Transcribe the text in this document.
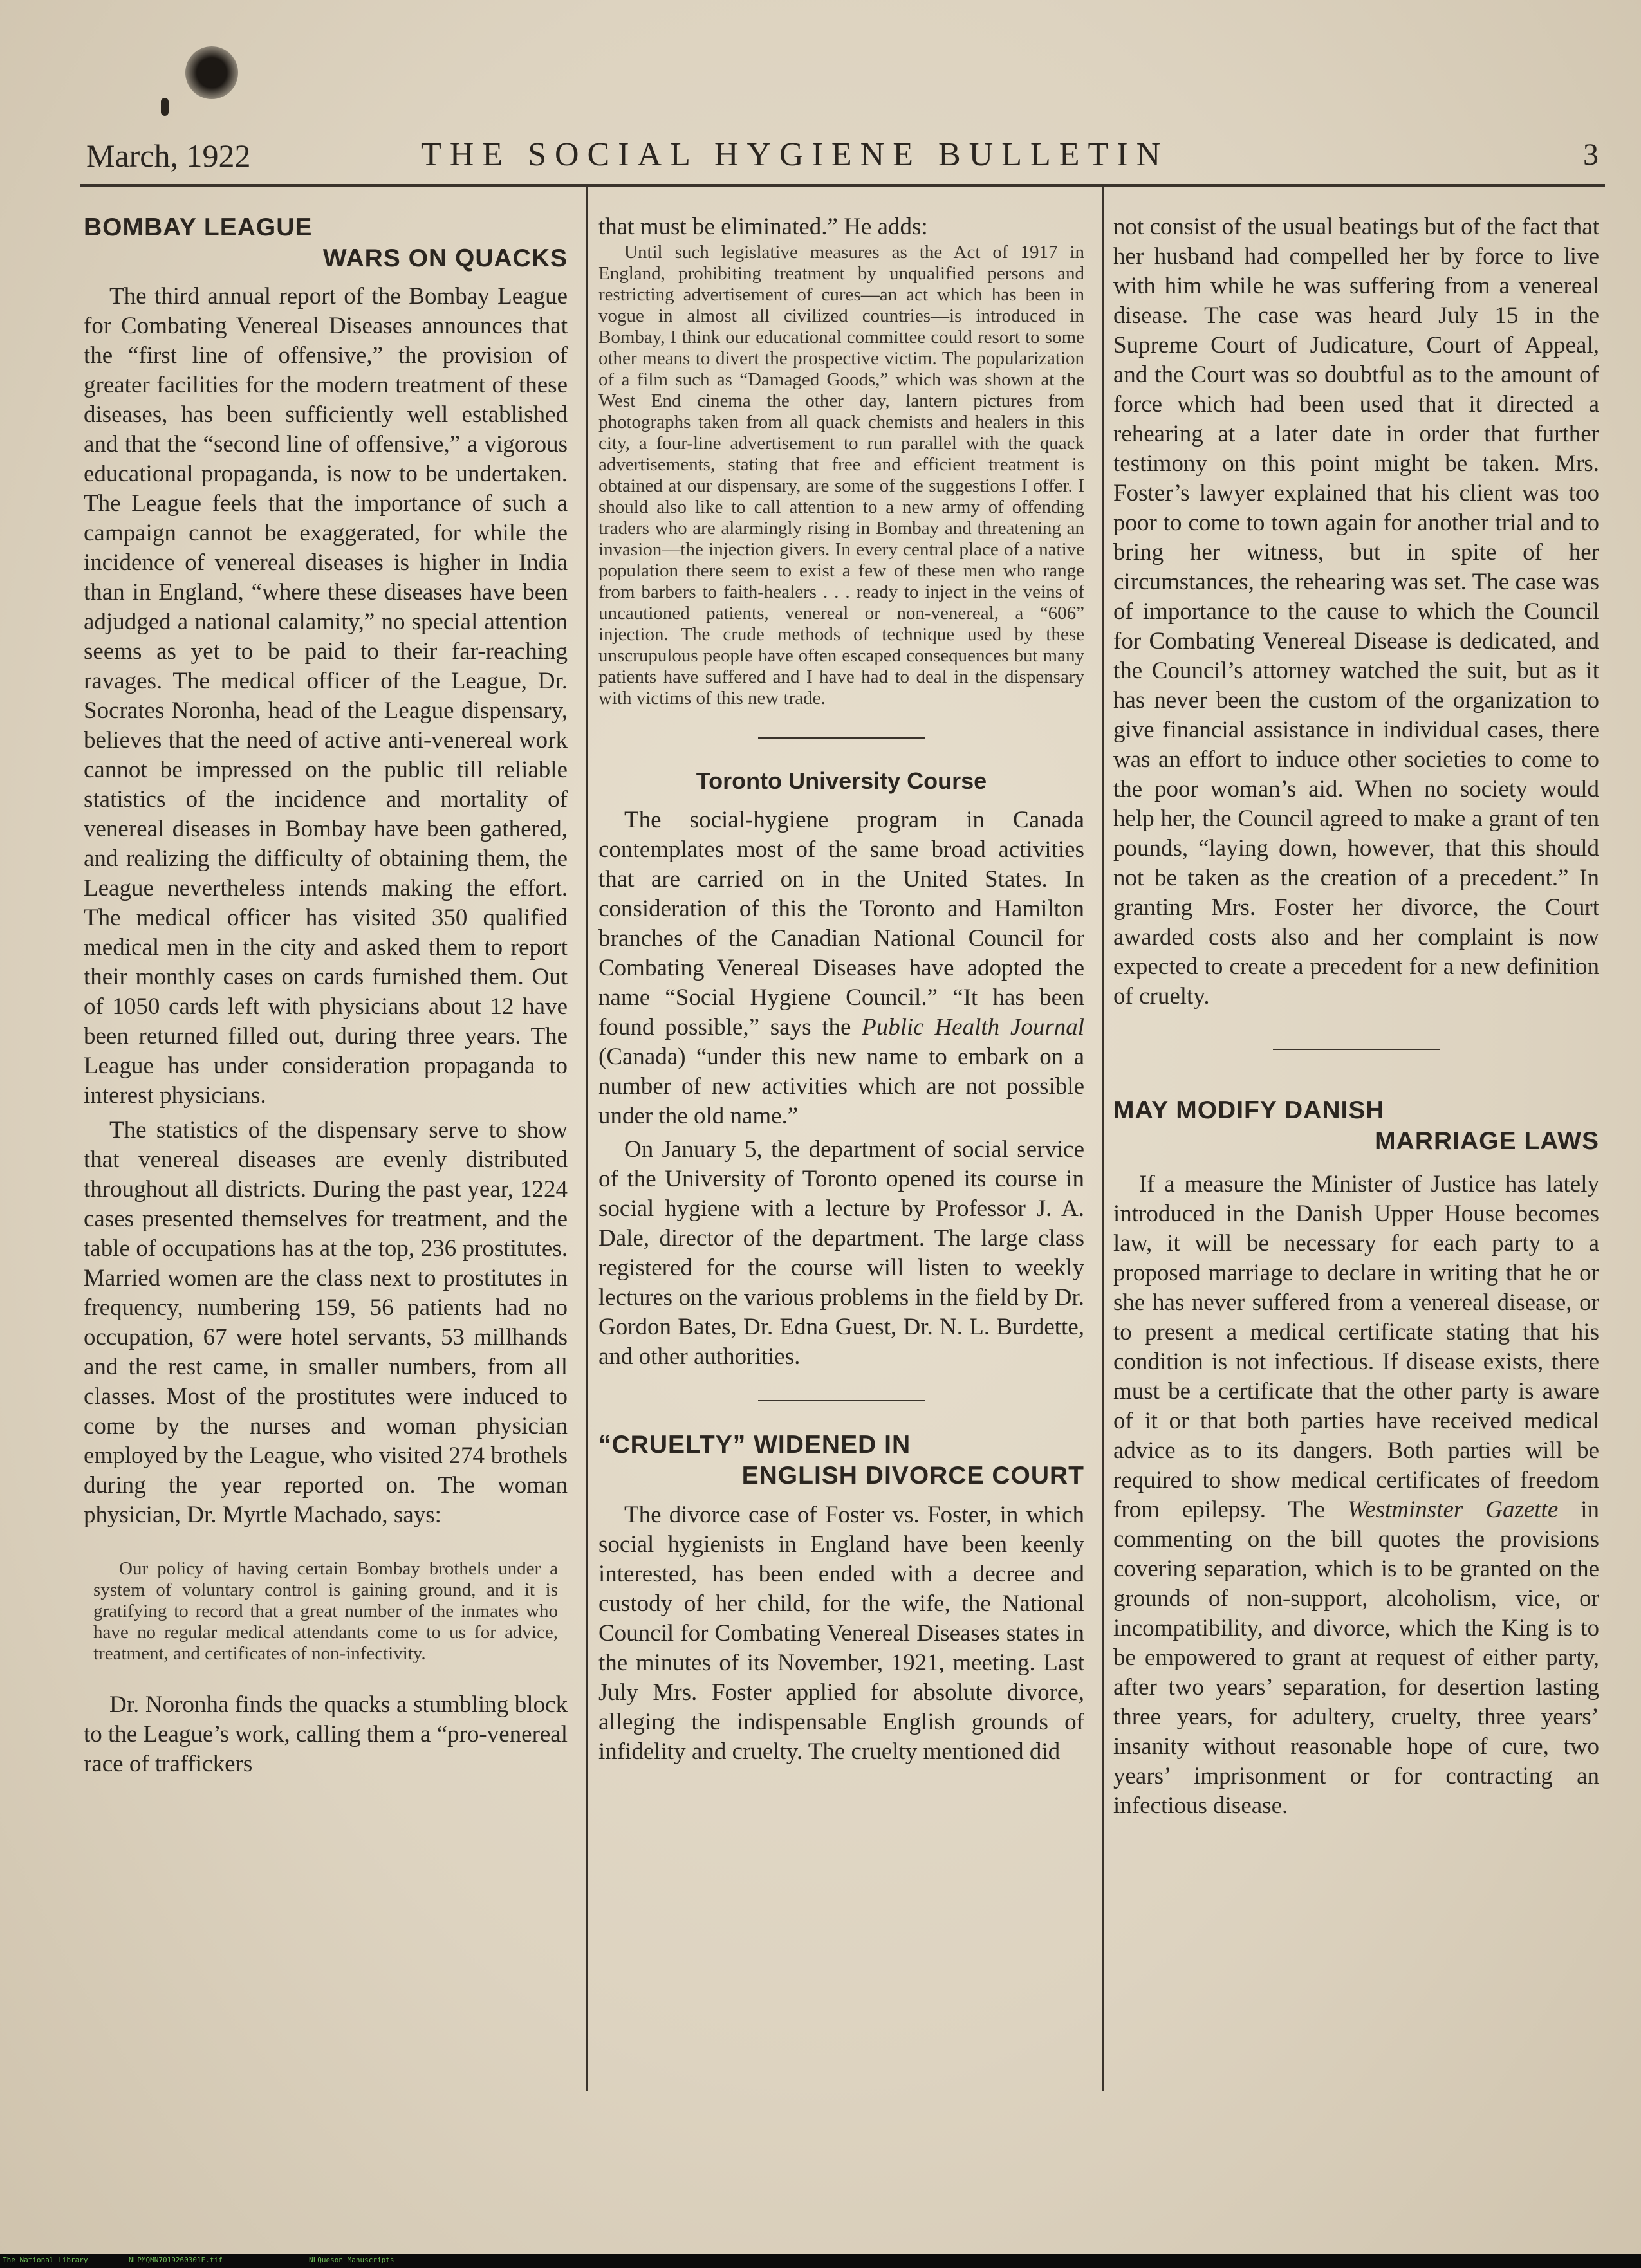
March, 1922	THE SOCIAL HYGIENE BULLETIN	3
BOMBAY LEAGUE
WARS ON QUACKS

The third annual report of the Bombay League for Combating Venereal Diseases announces that the “first line of offensive,” the provision of greater facilities for the modern treatment of these diseases, has been sufficiently well established and that the “second line of offensive,” a vigorous educational propaganda, is now to be undertaken. The League feels that the importance of such a campaign cannot be exaggerated, for while the incidence of venereal diseases is higher in India than in England, “where these diseases have been adjudged a national calamity,” no special attention seems as yet to be paid to their far-reaching ravages. The medical officer of the League, Dr. Socrates Noronha, head of the League dispensary, believes that the need of active anti-venereal work cannot be impressed on the public till reliable statistics of the incidence and mortality of venereal diseases in Bombay have been gathered, and realizing the difficulty of obtaining them, the League nevertheless intends making the effort. The medical officer has visited 350 qualified medical men in the city and asked them to report their monthly cases on cards furnished them. Out of 1050 cards left with physicians about 12 have been returned filled out, during three years. The League has under consideration propaganda to interest physicians.

The statistics of the dispensary serve to show that venereal diseases are evenly distributed throughout all districts. During the past year, 1224 cases presented themselves for treatment, and the table of occupations has at the top, 236 prostitutes. Married women are the class next to prostitutes in frequency, numbering 159, 56 patients had no occupation, 67 were hotel servants, 53 millhands and the rest came, in smaller numbers, from all classes. Most of the prostitutes were induced to come by the nurses and woman physician employed by the League, who visited 274 brothels during the year reported on. The woman physician, Dr. Myrtle Machado, says:

Our policy of having certain Bombay brothels under a system of voluntary control is gaining ground, and it is gratifying to record that a great number of the inmates who have no regular medical attendants come to us for advice, treatment, and certificates of non-infectivity.

Dr. Noronha finds the quacks a stumbling block to the League’s work, calling them a “pro-venereal race of traffickers

that must be eliminated.” He adds:

Until such legislative measures as the Act of 1917 in England, prohibiting treatment by unqualified persons and restricting advertisement of cures—an act which has been in vogue in almost all civilized countries—is introduced in Bombay, I think our educational committee could resort to some other means to divert the prospective victim. The popularization of a film such as “Damaged Goods,” which was shown at the West End cinema the other day, lantern pictures from photographs taken from all quack chemists and healers in this city, a four-line advertisement to run parallel with the quack advertisements, stating that free and efficient treatment is obtained at our dispensary, are some of the suggestions I offer. I should also like to call attention to a new army of offending traders who are alarmingly rising in Bombay and threatening an invasion—the injection givers. In every central place of a native population there seem to exist a few of these men who range from barbers to faith-healers . . . ready to inject in the veins of uncautioned patients, venereal or non-venereal, a “606” injection. The crude methods of technique used by these unscrupulous people have often escaped consequences but many patients have suffered and I have had to deal in the dispensary with victims of this new trade.

Toronto University Course

The social-hygiene program in Canada contemplates most of the same broad activities that are carried on in the United States. In consideration of this the Toronto and Hamilton branches of the Canadian National Council for Combating Venereal Diseases have adopted the name “Social Hygiene Council.” “It has been found possible,” says the Public Health Journal (Canada) “under this new name to embark on a number of new activities which are not possible under the old name.”

On January 5, the department of social service of the University of Toronto opened its course in social hygiene with a lecture by Professor J. A. Dale, director of the department. The large class registered for the course will listen to weekly lectures on the various problems in the field by Dr. Gordon Bates, Dr. Edna Guest, Dr. N. L. Burdette, and other authorities.

“CRUELTY” WIDENED IN
ENGLISH DIVORCE COURT

The divorce case of Foster vs. Foster, in which social hygienists in England have been keenly interested, has been ended with a decree and custody of her child, for the wife, the National Council for Combating Venereal Diseases states in the minutes of its November, 1921, meeting. Last July Mrs. Foster applied for absolute divorce, alleging the indispensable English grounds of infidelity and cruelty. The cruelty mentioned did

not consist of the usual beatings but of the fact that her husband had compelled her by force to live with him while he was suffering from a venereal disease. The case was heard July 15 in the Supreme Court of Judicature, Court of Appeal, and the Court was so doubtful as to the amount of force which had been used that it directed a rehearing at a later date in order that further testimony on this point might be taken. Mrs. Foster’s lawyer explained that his client was too poor to come to town again for another trial and to bring her witness, but in spite of her circumstances, the rehearing was set. The case was of importance to the cause to which the Council for Combating Venereal Disease is dedicated, and the Council’s attorney watched the suit, but as it has never been the custom of the organization to give financial assistance in individual cases, there was an effort to induce other societies to come to the poor woman’s aid. When no society would help her, the Council agreed to make a grant of ten pounds, “laying down, however, that this should not be taken as the creation of a precedent.” In granting Mrs. Foster her divorce, the Court awarded costs also and her complaint is now expected to create a precedent for a new definition of cruelty.

MAY MODIFY DANISH
MARRIAGE LAWS

If a measure the Minister of Justice has lately introduced in the Danish Upper House becomes law, it will be necessary for each party to a proposed marriage to declare in writing that he or she has never suffered from a venereal disease, or to present a medical certificate stating that his condition is not infectious. If disease exists, there must be a certificate that the other party is aware of it or that both parties have received medical advice as to its dangers. Both parties will be required to show medical certificates of freedom from epilepsy. The Westminster Gazette in commenting on the bill quotes the provisions covering separation, which is to be granted on the grounds of non-support, alcoholism, vice, or incompatibility, and divorce, which the King is to be empowered to grant at request of either party, after two years’ separation, for desertion lasting three years, for adultery, cruelty, three years’ insanity without reasonable hope of cure, two years’ imprisonment or for contracting an infectious disease.

The National Library	NLPMQMN7019260301E.tif	NLQueson Manuscripts
